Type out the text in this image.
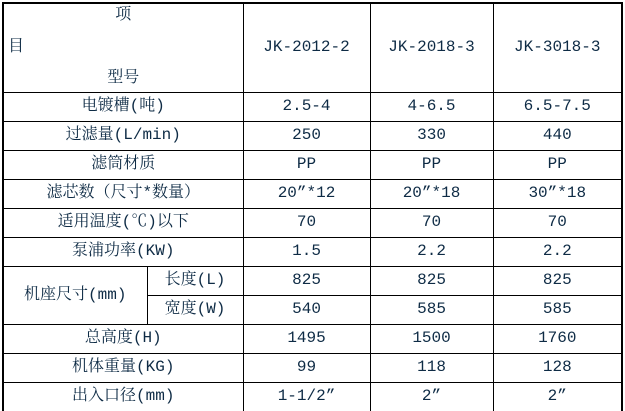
项
目
型号		JK-2012-2	JK-2018-3	JK-3018-3
电镀槽(吨)		2.5-4	4-6.5	6.5-7.5
过滤量(L/min)		250	330	440
滤筒材质		PP	PP	PP
滤芯数（尺寸*数量）		20”*12	20”*18	30”*18
适用温度(℃)以下		70	70	70
泵浦功率(KW)		1.5	2.2	2.2
机座尺寸(mm)	长度(L)	825	825	825
	宽度(W)	540	585	585
总高度(H)		1495	1500	1760
机体重量(KG)		99	118	128
出入口径(mm)		1-1/2”	2”	2”
